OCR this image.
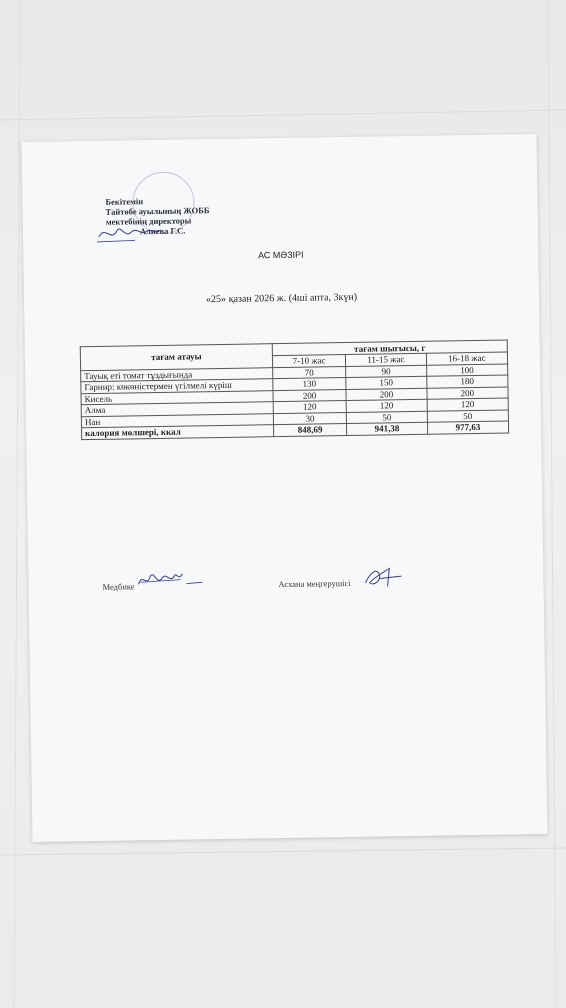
Бекітемін
Тайтөбе ауылының ЖОББ
мектебінің директоры
Алиева Г.С.
АС МӘЗІРІ
«25» қазан 2026 ж. (4ші апта, 3күн)
тағам атауы	тағам шығысы, г		
	7-10 жас	11-15 жас	16-18 жас
Тауық еті томат тұздығында	70	90	100
Гарнир: көкөністермен үгілмелі күріш	130	150	180
Кисель	200	200	200
Алма	120	120	120
Нан	30	50	50
калория мөлшері, ккал	848,69	941,38	977,63
Медбике	Асхана меңгерушісі
